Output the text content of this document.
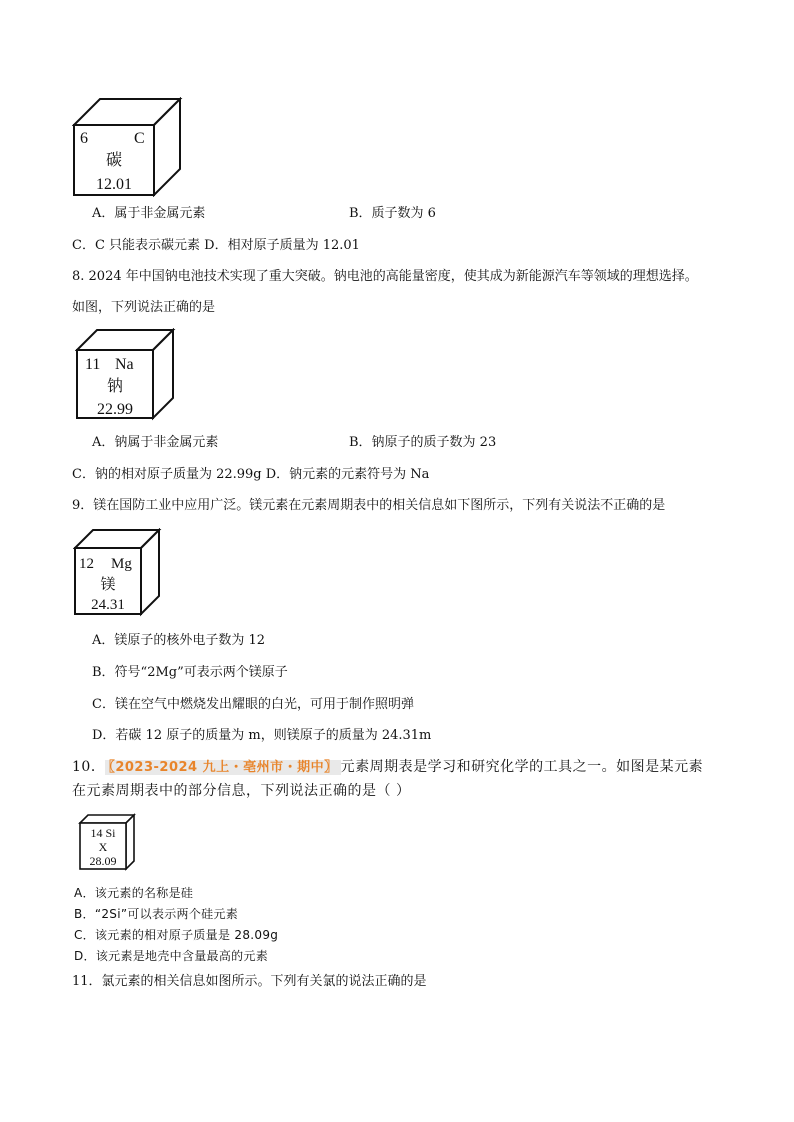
6	C
碳
12.01
A．属于非金属元素	B．质子数为 6
C．C 只能表示碳元素 D．相对原子质量为 12.01
8. 2024 年中国钠电池技术实现了重大突破。钠电池的高能量密度，使其成为新能源汽车等领域的理想选择。
如图，下列说法正确的是
11 Na
钠
22.99
A．钠属于非金属元素	B．钠原子的质子数为 23
C．钠的相对原子质量为 22.99g D．钠元素的元素符号为 Na
9．镁在国防工业中应用广泛。镁元素在元素周期表中的相关信息如下图所示，下列有关说法不正确的是
12 Mg
镁
24.31
A．镁原子的核外电子数为 12
B．符号“2Mg”可表示两个镁原子
C．镁在空气中燃烧发出耀眼的白光，可用于制作照明弹
D．若碳 12 原子的质量为 m，则镁原子的质量为 24.31m
10． 〖2023-2024 九上・亳州市・期中〗 元素周期表是学习和研究化学的工具之一。如图是某元素
在元素周期表中的部分信息，下列说法正确的是（ ）
14 Si
X
28.09
A．该元素的名称是硅
B．“2Si”可以表示两个硅元素
C．该元素的相对原子质量是 28.09g
D．该元素是地壳中含量最高的元素
11．氯元素的相关信息如图所示。下列有关氯的说法正确的是
